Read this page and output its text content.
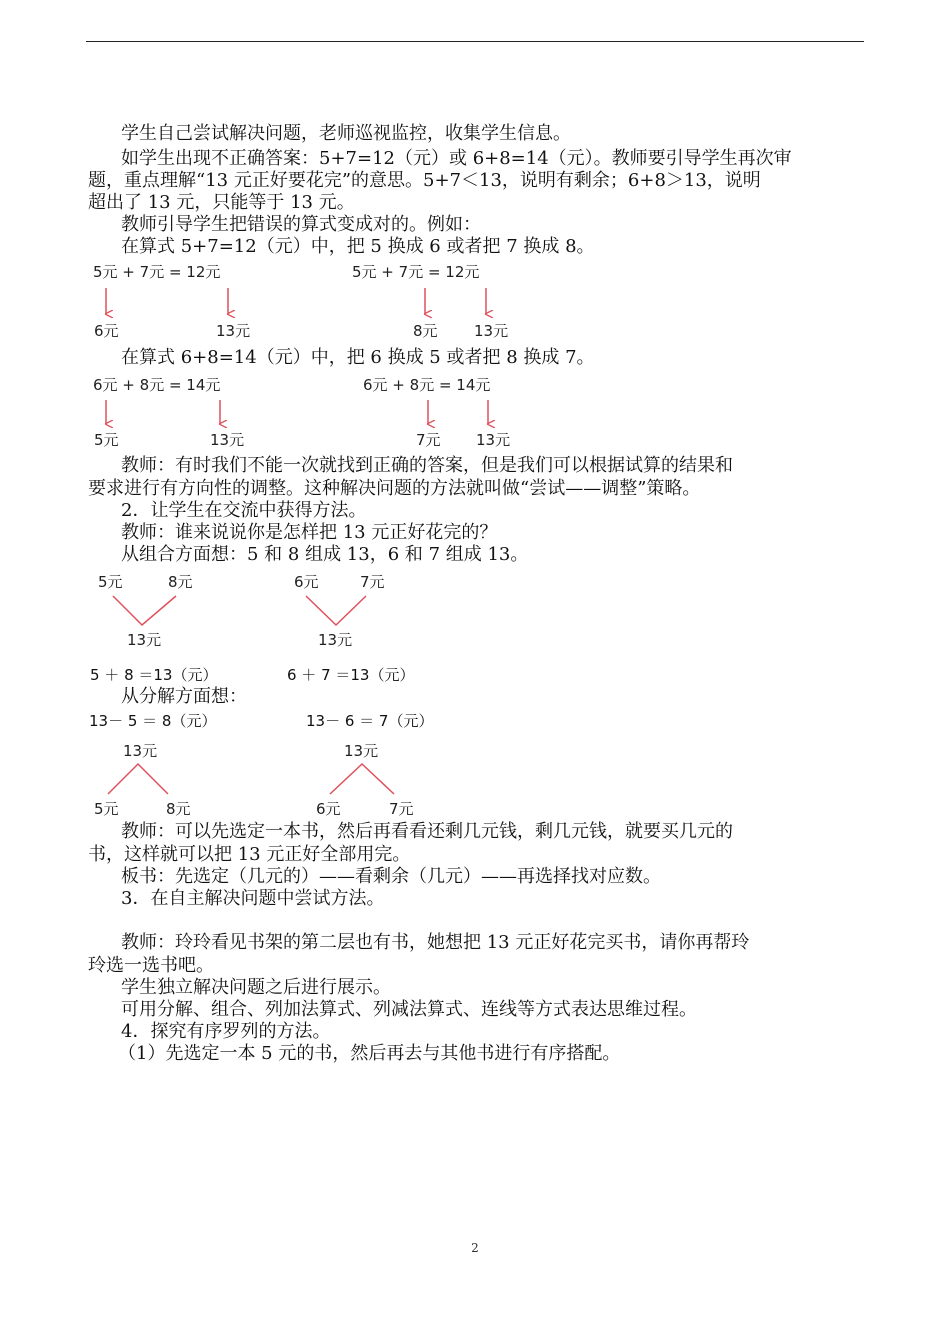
学生自己尝试解决问题，老师巡视监控，收集学生信息。
如学生出现不正确答案：5+7=12（元）或 6+8=14（元）。教师要引导学生再次审
题，重点理解“13 元正好要花完”的意思。5+7＜13，说明有剩余；6+8＞13，说明
超出了 13 元，只能等于 13 元。
教师引导学生把错误的算式变成对的。例如：
在算式 5+7=12（元）中，把 5 换成 6 或者把 7 换成 8。
5元 + 7元 = 12元
6元	13元
5元 + 7元 = 12元
8元 13元
6元 + 8元 = 14元
5元	13元
6元 + 8元 = 14元
7元 13元
5元	8元
13元
6元	7元
13元
13元
5元	8元
13元
6元	7元
在算式 6+8=14（元）中，把 6 换成 5 或者把 8 换成 7。
教师：有时我们不能一次就找到正确的答案，但是我们可以根据试算的结果和
要求进行有方向性的调整。这种解决问题的方法就叫做“尝试——调整”策略。
2．让学生在交流中获得方法。
教师：谁来说说你是怎样把 13 元正好花完的？
从组合方面想：5 和 8 组成 13，6 和 7 组成 13。
5 ＋ 8 ＝13（元）	6 ＋ 7 ＝13（元）
从分解方面想：
13－ 5 ＝ 8（元）	13－ 6 ＝ 7（元）
教师：可以先选定一本书，然后再看看还剩几元钱，剩几元钱，就要买几元的
书，这样就可以把 13 元正好全部用完。
板书：先选定（几元的）——看剩余（几元）——再选择找对应数。
3．在自主解决问题中尝试方法。
教师：玲玲看见书架的第二层也有书，她想把 13 元正好花完买书，请你再帮玲
玲选一选书吧。
学生独立解决问题之后进行展示。
可用分解、组合、列加法算式、列减法算式、连线等方式表达思维过程。
4．探究有序罗列的方法。
（1）先选定一本 5 元的书，然后再去与其他书进行有序搭配。
2
